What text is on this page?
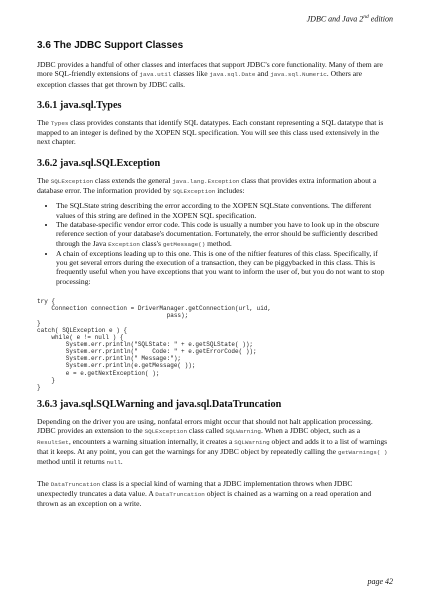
JDBC and Java 2nd edition
3.6 The JDBC Support Classes

JDBC provides a handful of other classes and interfaces that support JDBC's core functionality. Many of them are more SQL-friendly extensions of java.util classes like java.sql.Date and java.sql.Numeric. Others are exception classes that get thrown by JDBC calls.

3.6.1 java.sql.Types

The Types class provides constants that identify SQL datatypes. Each constant representing a SQL datatype that is mapped to an integer is defined by the XOPEN SQL specification. You will see this class used extensively in the next chapter.

3.6.2 java.sql.SQLException

The SQLException class extends the general java.lang.Exception class that provides extra information about a database error. The information provided by SQLException includes:

• The SQLState string describing the error according to the XOPEN SQLState conventions. The different values of this string are defined in the XOPEN SQL specification.
• The database-specific vendor error code. This code is usually a number you have to look up in the obscure reference section of your database's documentation. Fortunately, the error should be sufficiently described through the Java Exception class's getMessage() method.
• A chain of exceptions leading up to this one. This is one of the niftier features of this class. Specifically, if you get several errors during the execution of a transaction, they can be piggybacked in this class. This is frequently useful when you have exceptions that you want to inform the user of, but you do not want to stop processing:
try {
Connection connection = DriverManager.getConnection(url, uid,
pass);
}
catch( SQLException e ) {
while( e != null ) {
System.err.println("SQLState: " + e.getSQLState( ));
System.err.println("    Code: " + e.getErrorCode( ));
System.err.println(" Message:");
System.err.println(e.getMessage( ));
e = e.getNextException( );
}
}
3.6.3 java.sql.SQLWarning and java.sql.DataTruncation

Depending on the driver you are using, nonfatal errors might occur that should not halt application processing. JDBC provides an extension to the SQLException class called SQLWarning. When a JDBC object, such as a ResultSet, encounters a warning situation internally, it creates a SQLWarning object and adds it to a list of warnings that it keeps. At any point, you can get the warnings for any JDBC object by repeatedly calling the getWarnings( ) method until it returns null.

The DataTruncation class is a special kind of warning that a JDBC implementation throws when JDBC unexpectedly truncates a data value. A DataTruncation object is chained as a warning on a read operation and thrown as an exception on a write.

page 42
